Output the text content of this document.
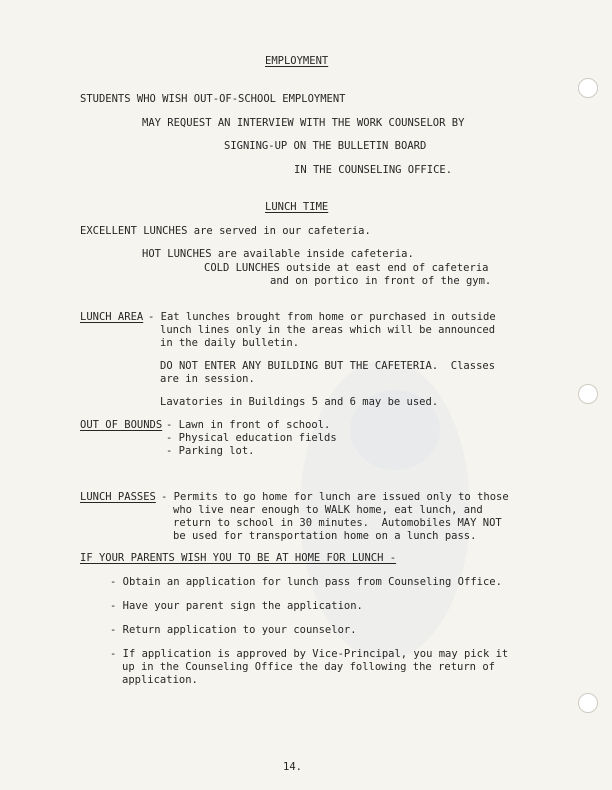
EMPLOYMENT
STUDENTS WHO WISH OUT-OF-SCHOOL EMPLOYMENT
MAY REQUEST AN INTERVIEW WITH THE WORK COUNSELOR BY
SIGNING-UP ON THE BULLETIN BOARD
IN THE COUNSELING OFFICE.
LUNCH TIME
EXCELLENT LUNCHES are served in our cafeteria.
HOT LUNCHES are available inside cafeteria.
COLD LUNCHES outside at east end of cafeteria
and on portico in front of the gym.
LUNCH AREA - Eat lunches brought from home or purchased in outside
lunch lines only in the areas which will be announced
in the daily bulletin.
DO NOT ENTER ANY BUILDING BUT THE CAFETERIA.  Classes
are in session.
Lavatories in Buildings 5 and 6 may be used.
OUT OF BOUNDS - Lawn in front of school.
- Physical education fields
- Parking lot.
LUNCH PASSES - Permits to go home for lunch are issued only to those
who live near enough to WALK home, eat lunch, and
return to school in 30 minutes.  Automobiles MAY NOT
be used for transportation home on a lunch pass.
IF YOUR PARENTS WISH YOU TO BE AT HOME FOR LUNCH -
- Obtain an application for lunch pass from Counseling Office.
- Have your parent sign the application.
- Return application to your counselor.
- If application is approved by Vice-Principal, you may pick it
up in the Counseling Office the day following the return of
application.
14.
